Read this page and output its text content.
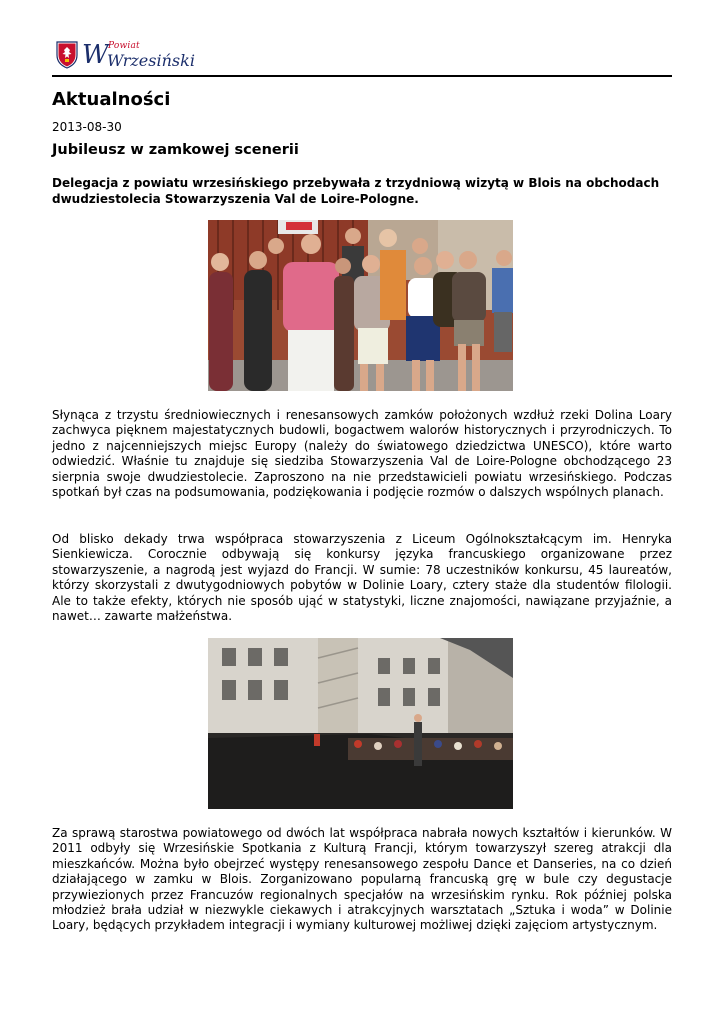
W Powiat
Wrzesiński
Aktualności
2013-08-30
Jubileusz w zamkowej scenerii

Delegacja z powiatu wrzesińskiego przebywała z trzydniową wizytą w Blois na obchodach dwudziestolecia Stowarzyszenia Val de Loire-Pologne.

Słynąca z trzystu średniowiecznych i renesansowych zamków położonych wzdłuż rzeki Dolina Loary zachwyca pięknem majestatycznych budowli, bogactwem walorów historycznych i przyrodniczych. To jedno z najcenniejszych miejsc Europy (należy do światowego dziedzictwa UNESCO), które warto odwiedzić. Właśnie tu znajduje się siedziba Stowarzyszenia Val de Loire-Pologne obchodzącego 23 sierpnia swoje dwudziestolecie. Zaproszono na nie przedstawicieli powiatu wrzesińskiego. Podczas spotkań był czas na podsumowania, podziękowania i podjęcie rozmów o dalszych wspólnych planach.

Od blisko dekady trwa współpraca stowarzyszenia z Liceum Ogólnokształcącym im. Henryka Sienkiewicza. Corocznie odbywają się konkursy języka francuskiego organizowane przez stowarzyszenie, a nagrodą jest wyjazd do Francji. W sumie: 78 uczestników konkursu, 45 laureatów, którzy skorzystali z dwutygodniowych pobytów w Dolinie Loary, cztery staże dla studentów filologii. Ale to także efekty, których nie sposób ująć w statystyki, liczne znajomości, nawiązane przyjaźnie, a nawet… zawarte małżeństwa.

Za sprawą starostwa powiatowego od dwóch lat współpraca nabrała nowych kształtów i kierunków. W 2011 odbyły się Wrzesińskie Spotkania z Kulturą Francji, którym towarzyszył szereg atrakcji dla mieszkańców. Można było obejrzeć występy renesansowego zespołu Dance et Danseries, na co dzień działającego w zamku w Blois. Zorganizowano popularną francuską grę w bule czy degustacje przywiezionych przez Francuzów regionalnych specjałów na wrzesińskim rynku. Rok później polska młodzież brała udział w niezwykle ciekawych i atrakcyjnych warsztatach „Sztuka i woda” w Dolinie Loary, będących przykładem integracji i wymiany kulturowej możliwej dzięki zajęciom artystycznym.
